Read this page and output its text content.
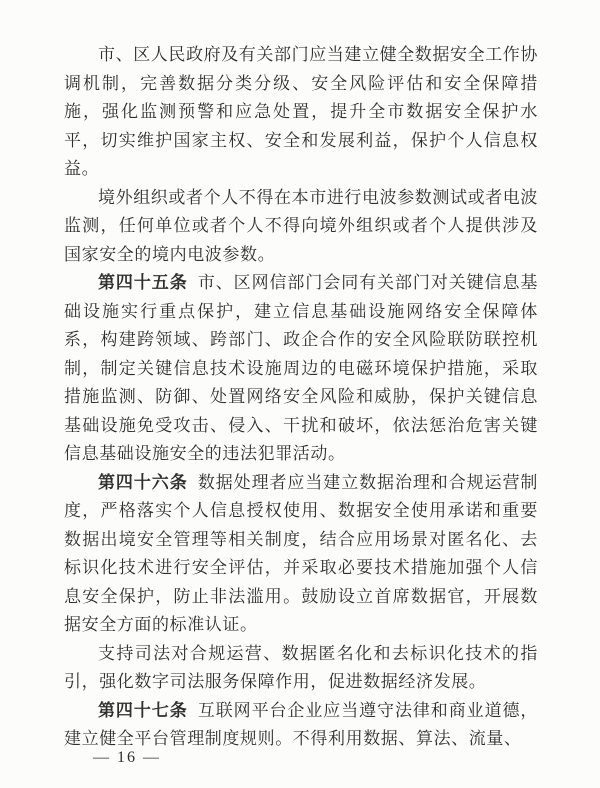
市、区人民政府及有关部门应当建立健全数据安全工作协调机制，完善数据分类分级、安全风险评估和安全保障措施，强化监测预警和应急处置，提升全市数据安全保护水平，切实维护国家主权、安全和发展利益，保护个人信息权益。

境外组织或者个人不得在本市进行电波参数测试或者电波监测，任何单位或者个人不得向境外组织或者个人提供涉及国家安全的境内电波参数。

第四十五条 市、区网信部门会同有关部门对关键信息基础设施实行重点保护，建立信息基础设施网络安全保障体系，构建跨领域、跨部门、政企合作的安全风险联防联控机制，制定关键信息技术设施周边的电磁环境保护措施，采取措施监测、防御、处置网络安全风险和威胁，保护关键信息基础设施免受攻击、侵入、干扰和破坏，依法惩治危害关键信息基础设施安全的违法犯罪活动。

第四十六条 数据处理者应当建立数据治理和合规运营制度，严格落实个人信息授权使用、数据安全使用承诺和重要数据出境安全管理等相关制度，结合应用场景对匿名化、去标识化技术进行安全评估，并采取必要技术措施加强个人信息安全保护，防止非法滥用。鼓励设立首席数据官，开展数据安全方面的标准认证。

支持司法对合规运营、数据匿名化和去标识化技术的指引，强化数字司法服务保障作用，促进数据经济发展。

第四十七条 互联网平台企业应当遵守法律和商业道德，建立健全平台管理制度规则。不得利用数据、算法、流量、

— 16 —
